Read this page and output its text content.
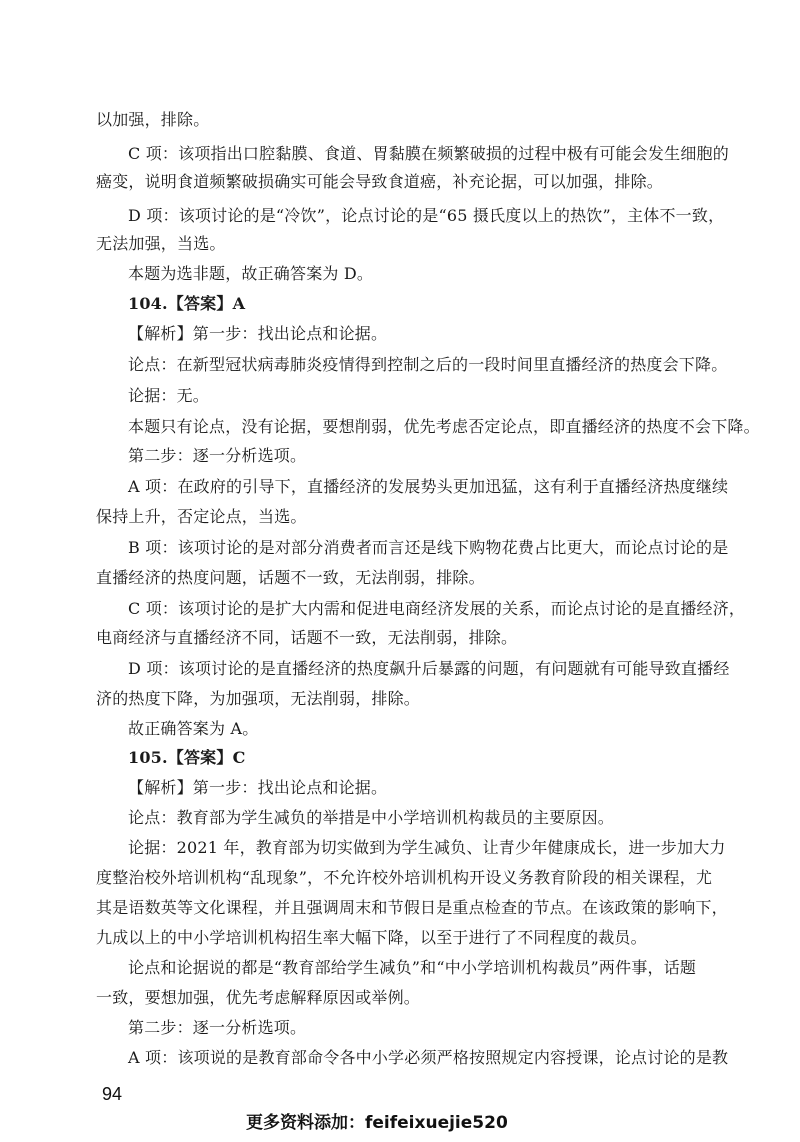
以加强，排除。
C 项：该项指出口腔黏膜、食道、胃黏膜在频繁破损的过程中极有可能会发生细胞的
癌变，说明食道频繁破损确实可能会导致食道癌，补充论据，可以加强，排除。
D 项：该项讨论的是“冷饮”，论点讨论的是“65 摄氏度以上的热饮”，主体不一致，
无法加强，当选。
本题为选非题，故正确答案为 D。
104.【答案】A
【解析】第一步：找出论点和论据。
论点：在新型冠状病毒肺炎疫情得到控制之后的一段时间里直播经济的热度会下降。
论据：无。
本题只有论点，没有论据，要想削弱，优先考虑否定论点，即直播经济的热度不会下降。
第二步：逐一分析选项。
A 项：在政府的引导下，直播经济的发展势头更加迅猛，这有利于直播经济热度继续
保持上升，否定论点，当选。
B 项：该项讨论的是对部分消费者而言还是线下购物花费占比更大，而论点讨论的是
直播经济的热度问题，话题不一致，无法削弱，排除。
C 项：该项讨论的是扩大内需和促进电商经济发展的关系，而论点讨论的是直播经济，
电商经济与直播经济不同，话题不一致，无法削弱，排除。
D 项：该项讨论的是直播经济的热度飙升后暴露的问题，有问题就有可能导致直播经
济的热度下降，为加强项，无法削弱，排除。
故正确答案为 A。
105.【答案】C
【解析】第一步：找出论点和论据。
论点：教育部为学生减负的举措是中小学培训机构裁员的主要原因。
论据：2021 年，教育部为切实做到为学生减负、让青少年健康成长，进一步加大力
度整治校外培训机构“乱现象”，不允许校外培训机构开设义务教育阶段的相关课程，尤
其是语数英等文化课程，并且强调周末和节假日是重点检查的节点。在该政策的影响下，
九成以上的中小学培训机构招生率大幅下降，以至于进行了不同程度的裁员。
论点和论据说的都是“教育部给学生减负”和“中小学培训机构裁员”两件事，话题
一致，要想加强，优先考虑解释原因或举例。
第二步：逐一分析选项。
A 项：该项说的是教育部命令各中小学必须严格按照规定内容授课，论点讨论的是教
94
更多资料添加：feifeixuejie520
